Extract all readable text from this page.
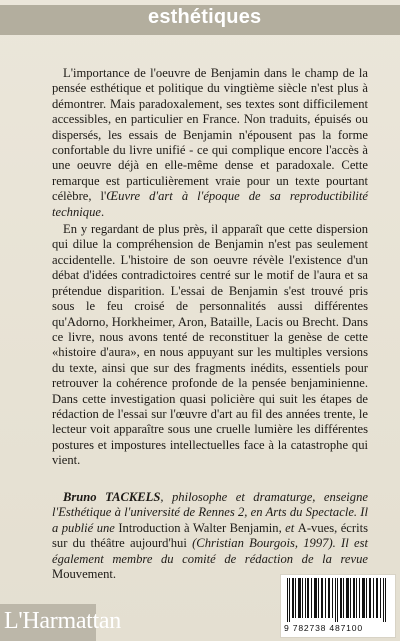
esthétiques

L'importance de l'oeuvre de Benjamin dans le champ de la pensée esthétique et politique du vingtième siècle n'est plus à démontrer. Mais paradoxalement, ses textes sont difficilement accessibles, en particulier en France. Non traduits, épuisés ou dispersés, les essais de Benjamin n'épousent pas la forme confortable du livre unifié - ce qui complique encore l'accès à une oeuvre déjà en elle-même dense et paradoxale. Cette remarque est particulièrement vraie pour un texte pourtant célèbre, l'Œuvre d'art à l'époque de sa reproductibilité technique.

En y regardant de plus près, il apparaît que cette dispersion qui dilue la compréhension de Benjamin n'est pas seulement accidentelle. L'histoire de son oeuvre révèle l'existence d'un débat d'idées contradictoires centré sur le motif de l'aura et sa prétendue disparition. L'essai de Benjamin s'est trouvé pris sous le feu croisé de personnalités aussi différentes qu'Adorno, Horkheimer, Aron, Bataille, Lacis ou Brecht. Dans ce livre, nous avons tenté de reconstituer la genèse de cette «histoire d'aura», en nous appuyant sur les multiples versions du texte, ainsi que sur des fragments inédits, essentiels pour retrouver la cohérence profonde de la pensée benjaminienne. Dans cette investigation quasi policière qui suit les étapes de rédaction de l'essai sur l'œuvre d'art au fil des années trente, le lecteur voit apparaître sous une cruelle lumière les différentes postures et impostures intellectuelles face à la catastrophe qui vient.

Bruno TACKELS, philosophe et dramaturge, enseigne l'Esthétique à l'université de Rennes 2, en Arts du Spectacle. Il a publié une Introduction à Walter Benjamin, et A-vues, écrits sur du théâtre aujourd'hui (Christian Bourgois, 1997). Il est également membre du comité de rédaction de la revue Mouvement.

L'Harmattan	9 782738 487100
